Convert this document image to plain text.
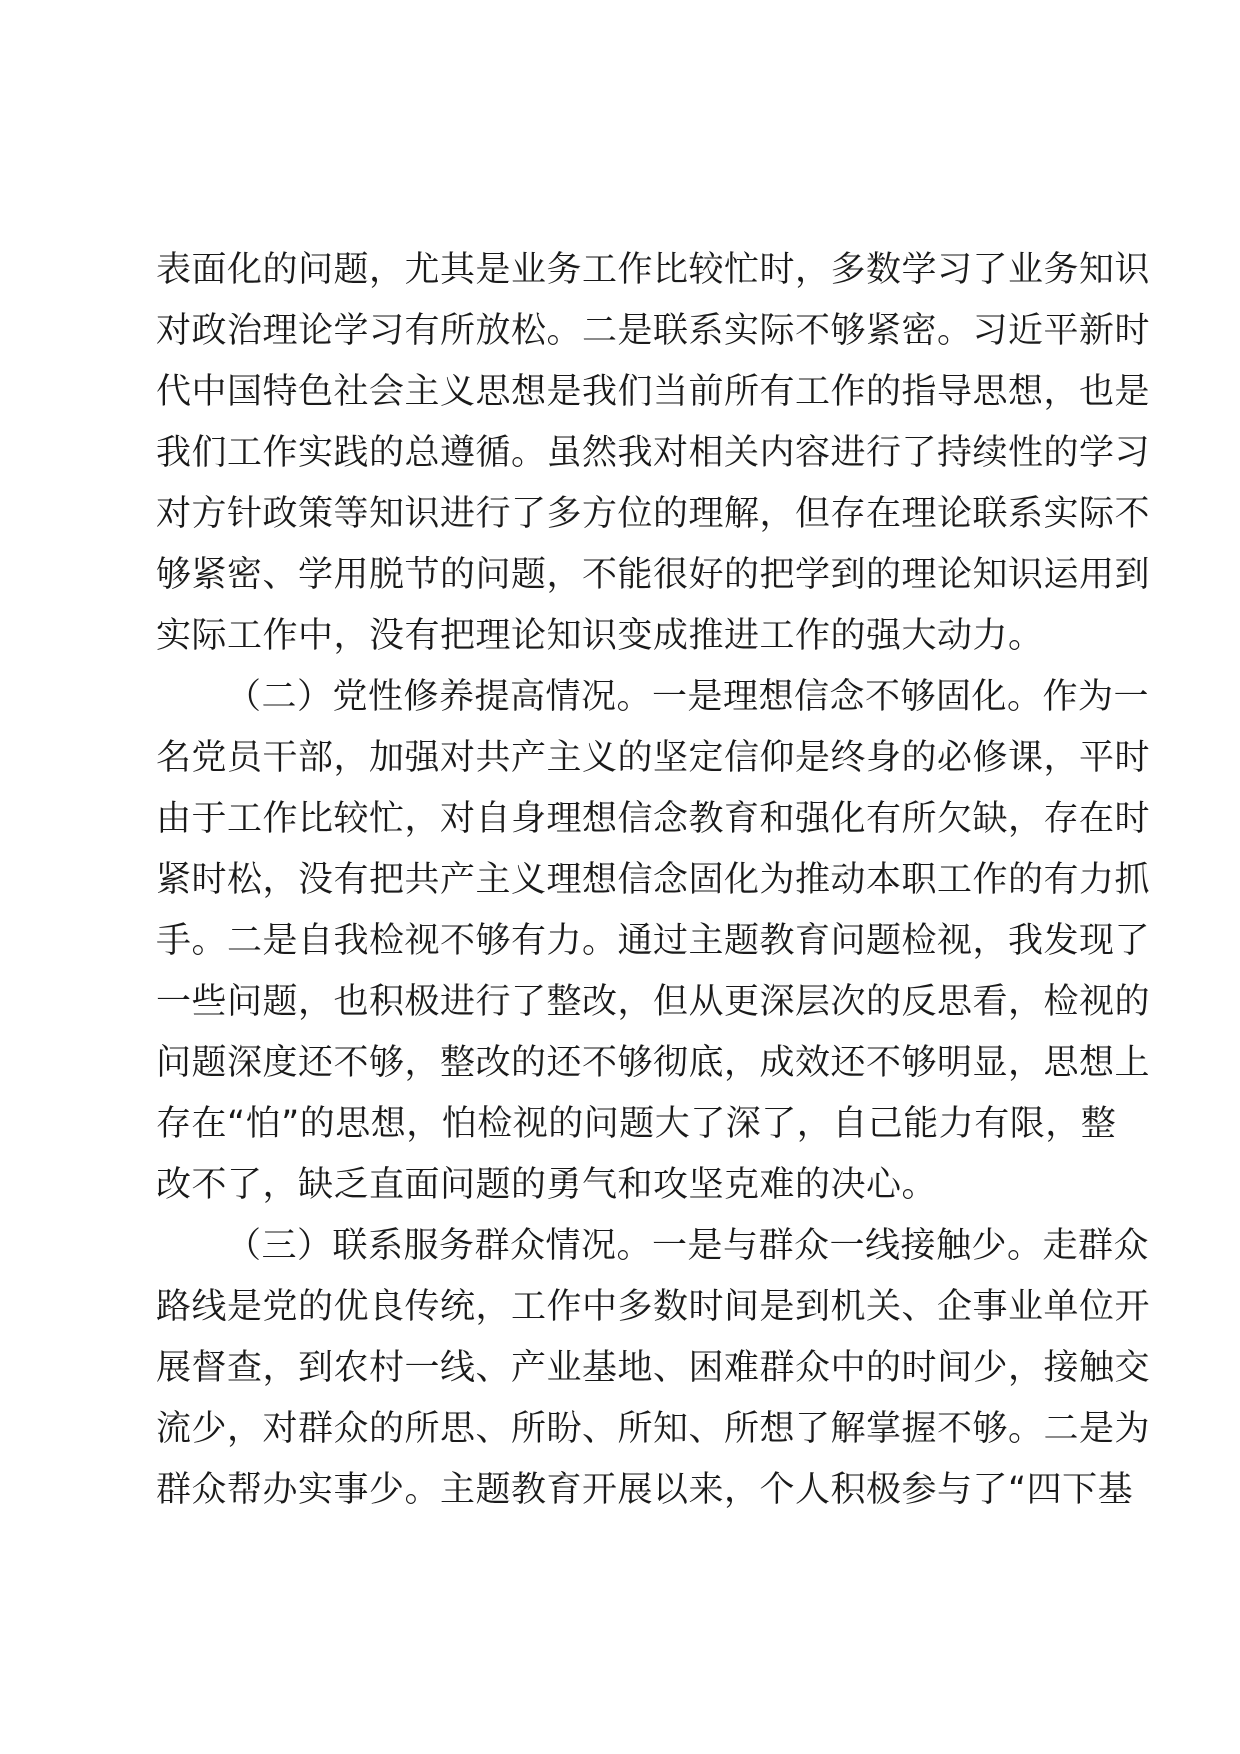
表面化的问题，尤其是业务工作比较忙时，多数学习了业务知识
对政治理论学习有所放松。二是联系实际不够紧密。习近平新时
代中国特色社会主义思想是我们当前所有工作的指导思想，也是
我们工作实践的总遵循。虽然我对相关内容进行了持续性的学习
对方针政策等知识进行了多方位的理解，但存在理论联系实际不
够紧密、学用脱节的问题，不能很好的把学到的理论知识运用到
实际工作中，没有把理论知识变成推进工作的强大动力。
（二）党性修养提高情况。一是理想信念不够固化。作为一
名党员干部，加强对共产主义的坚定信仰是终身的必修课，平时
由于工作比较忙，对自身理想信念教育和强化有所欠缺，存在时
紧时松，没有把共产主义理想信念固化为推动本职工作的有力抓
手。二是自我检视不够有力。通过主题教育问题检视，我发现了
一些问题，也积极进行了整改，但从更深层次的反思看，检视的
问题深度还不够，整改的还不够彻底，成效还不够明显，思想上
存在“怕”的思想，怕检视的问题大了深了，自己能力有限，整
改不了，缺乏直面问题的勇气和攻坚克难的决心。
（三）联系服务群众情况。一是与群众一线接触少。走群众
路线是党的优良传统，工作中多数时间是到机关、企事业单位开
展督查，到农村一线、产业基地、困难群众中的时间少，接触交
流少，对群众的所思、所盼、所知、所想了解掌握不够。二是为
群众帮办实事少。主题教育开展以来，个人积极参与了“四下基
